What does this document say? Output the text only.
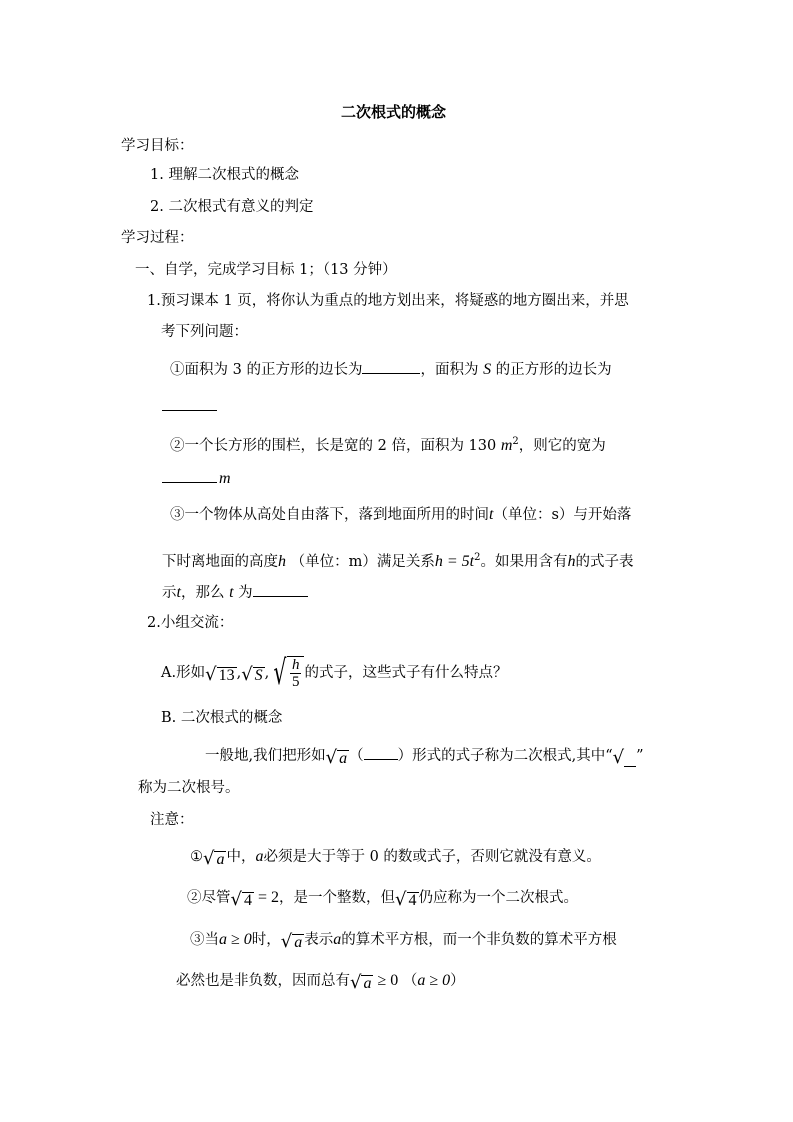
二次根式的概念
学习目标：
1. 理解二次根式的概念
2. 二次根式有意义的判定
学习过程：
一、自学，完成学习目标 1；（13 分钟）
1.预习课本 1 页，将你认为重点的地方划出来，将疑惑的地方圈出来，并思
考下列问题：
①面积为 3 的正方形的边长为	，面积为 S 的正方形的边长为
②一个长方形的围栏，长是宽的 2 倍，面积为 130 $m^2$，则它的宽为
m
③一个物体从高处自由落下，落到地面所用的时间t（单位：s）与开始落
下时离地面的高度h （单位：m）满足关系$h = 5t^2$。如果用含有h的式子表
示t，那么 t 为
2.小组交流：
A.形如 √ 13 , √ S , √ $\frac{h}{5}$ 的式子，这些式子有什么特点？
B. 二次根式的概念
一般地,我们把形如 √ a （ ）形式的式子称为二次根式,其中“ √ ”
称为二次根号。
注意：
① √ a 中，a必须是大于等于 0 的数或式子，否则它就没有意义。
②尽管 √ 4 = 2，是一个整数，但 √ 4 仍应称为一个二次根式。
③当a ≥ 0时， √ a 表示a的算术平方根，而一个非负数的算术平方根
必然也是非负数，因而总有 √ a ≥ 0 （a ≥ 0）
